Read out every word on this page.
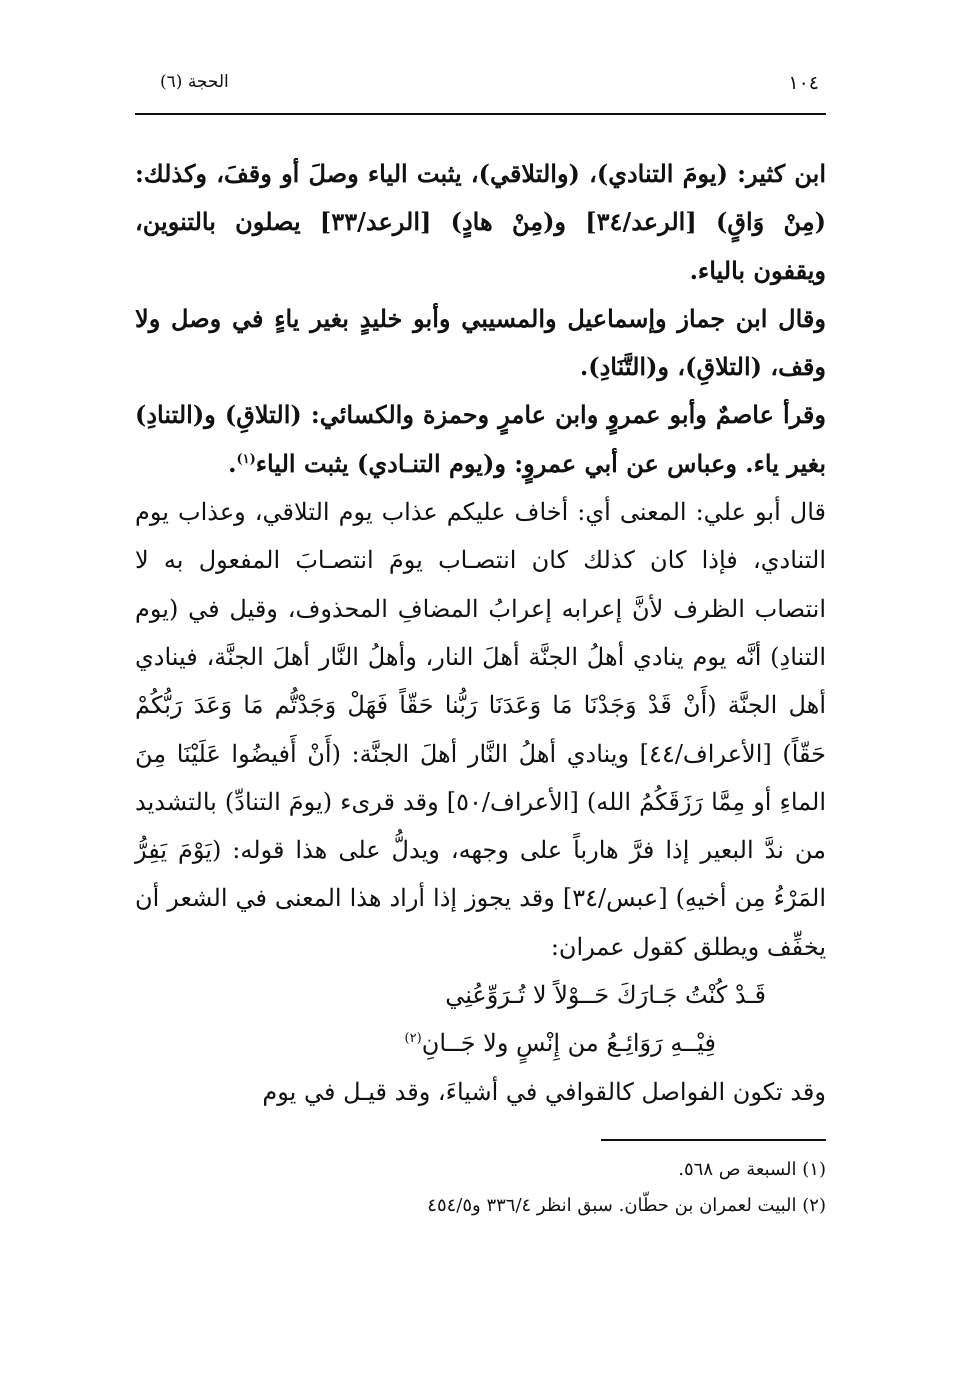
الحجة (٦)	١٠٤

ابن كثير: (يومَ التنادي)، (والتلاقي)، يثبت الياء وصلَ أو وقفَ، وكذلك: (مِنْ وَاقٍ) [الرعد/٣٤] و(مِنْ هادٍ) [الرعد/٣٣] يصلون بالتنوين، ويقفون بالياء.

وقال ابن جماز وإسماعيل والمسيبي وأبو خليدٍ بغير ياءٍ في وصل ولا وقف، (التلاقِ)، و(التَّنَادِ).

وقرأ عاصمٌ وأبو عمروٍ وابن عامرٍ وحمزة والكسائي: (التلاقِ) و(التنادِ) بغير ياء. وعباس عن أبي عمروٍ: و(يوم التنـادي) يثبت الياء$^{(١)}$.

قال أبو علي: المعنى أي: أخاف عليكم عذاب يوم التلاقي، وعذاب يوم التنادي، فإذا كان كذلك كان انتصـاب يومَ انتصـابَ المفعول به لا انتصاب الظرف لأنَّ إعرابه إعرابُ المضافِ المحذوف، وقيل في (يوم التنادِ) أنَّه يوم ينادي أهلُ الجنَّة أهلَ النار، وأهلُ النَّار أهلَ الجنَّة، فينادي أهل الجنَّة (أَنْ قَدْ وَجَدْنَا مَا وَعَدَنَا رَبُّنا حَقّاً فَهَلْ وَجَدْتُّم مَا وَعَدَ رَبُّكُمْ حَقّاً) [الأعراف/٤٤] وينادي أهلُ النَّار أهلَ الجنَّة: (أَنْ أَفيضُوا عَلَيْنَا مِنَ الماءِ أو مِمَّا رَزَقَكُمُ الله) [الأعراف/٥٠] وقد قرىء (يومَ التنادِّ) بالتشديد من ندَّ البعير إذا فرَّ هارباً على وجهه، ويدلُّ على هذا قوله: (يَوْمَ يَفِرُّ المَرْءُ مِن أخيهِ) [عبس/٣٤] وقد يجوز إذا أراد هذا المعنى في الشعر أن يخفِّف ويطلق كقول عمران:

قَـدْ كُنْتُ جَـارَكَ حَــوْلاً لا تُـرَوِّعُنِي

فِيْــهِ رَوَائِـعُ من إِنْسٍ ولا جَــانِ$^{(٢)}$

وقد تكون الفواصل كالقوافي في أشياءَ، وقد قيـل في يوم

(١) السبعة ص ٥٦٨.

(٢) البيت لعمران بن حطّان. سبق انظر ٣٣٦/٤ و٤٥٤/٥
